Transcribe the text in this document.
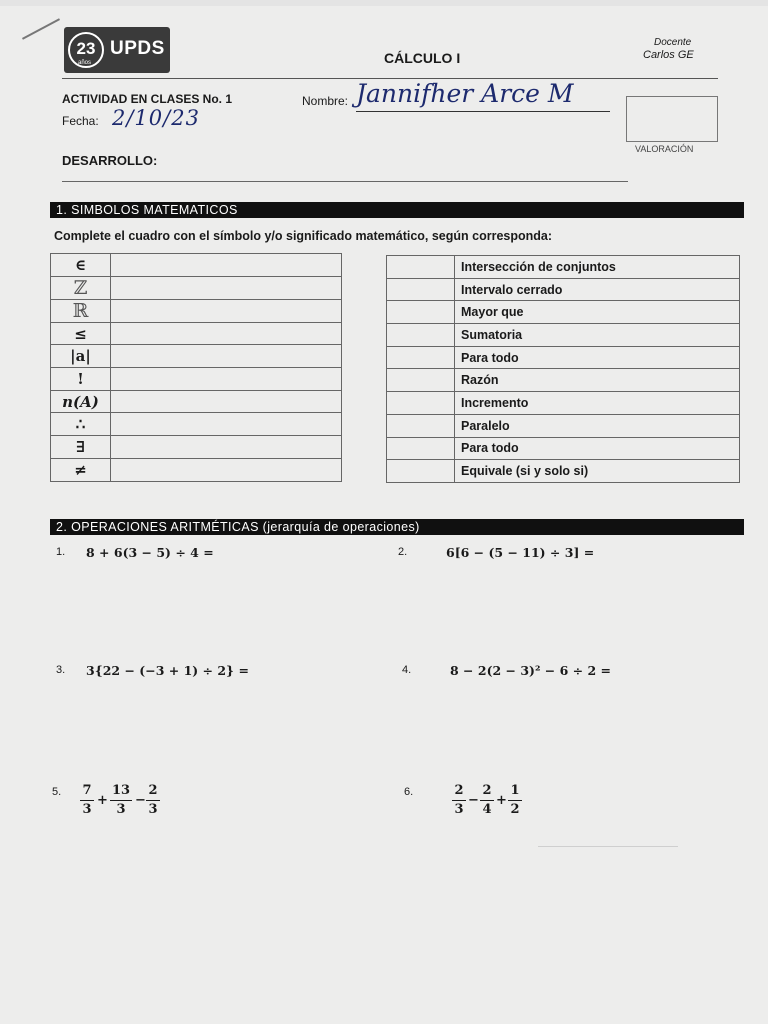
23
años
UPDS	CÁLCULO I
Docente
Carlos GE
ACTIVIDAD EN CLASES No. 1	Nombre: Jannifher Arce M
Fecha: 2/10/23
VALORACIÓN
DESARROLLO:
1. SIMBOLOS MATEMATICOS
Complete el cuadro con el símbolo y/o significado matemático, según corresponda:
∈	
ℤ	
ℝ	
≤	
|a|	
!	
n(A)	
∴	
∃	
≠	
	Intersección de conjuntos
	Intervalo cerrado
	Mayor que
	Sumatoria
	Para todo
	Razón
	Incremento
	Paralelo
	Para todo
	Equivale (si y solo si)
2. OPERACIONES ARITMÉTICAS (jerarquía de operaciones)
1. 8 + 6(3 − 5) ÷ 4 =	2.	6[6 − (5 − 11) ÷ 3] =
3. 3{22 − (−3 + 1) ÷ 2} =	4.	8 − 2(2 − 3)² − 6 ÷ 2 =
5. 7
3
+
13
3
−
2
3
6.	2
3
−
2
4
+
1
2
